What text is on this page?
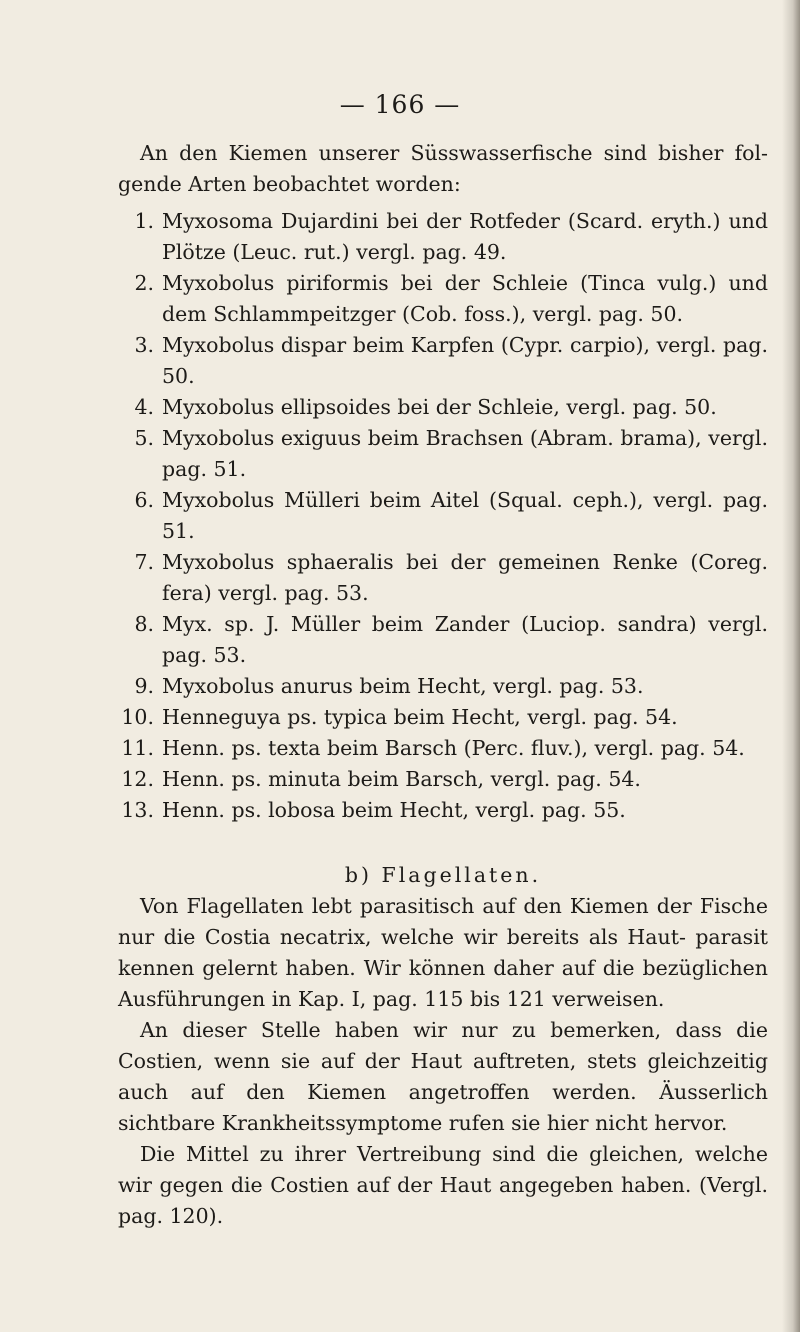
— 166 —

An den Kiemen unserer Süsswasserfische sind bisher fol- gende Arten beobachtet worden:

1. Myxosoma Dujardini bei der Rotfeder (Scard. eryth.) und Plötze (Leuc. rut.) vergl. pag. 49.
2. Myxobolus piriformis bei der Schleie (Tinca vulg.) und dem Schlammpeitzger (Cob. foss.), vergl. pag. 50.
3. Myxobolus dispar beim Karpfen (Cypr. carpio), vergl. pag. 50.
4. Myxobolus ellipsoides bei der Schleie, vergl. pag. 50.
5. Myxobolus exiguus beim Brachsen (Abram. brama), vergl. pag. 51.
6. Myxobolus Mülleri beim Aitel (Squal. ceph.), vergl. pag. 51.
7. Myxobolus sphaeralis bei der gemeinen Renke (Coreg. fera) vergl. pag. 53.
8. Myx. sp. J. Müller beim Zander (Luciop. sandra) vergl. pag. 53.
9. Myxobolus anurus beim Hecht, vergl. pag. 53.
10. Henneguya ps. typica beim Hecht, vergl. pag. 54.
11. Henn. ps. texta beim Barsch (Perc. fluv.), vergl. pag. 54.
12. Henn. ps. minuta beim Barsch, vergl. pag. 54.
13. Henn. ps. lobosa beim Hecht, vergl. pag. 55.

b) Flagellaten.

Von Flagellaten lebt parasitisch auf den Kiemen der Fische nur die Costia necatrix, welche wir bereits als Haut- parasit kennen gelernt haben. Wir können daher auf die bezüglichen Ausführungen in Kap. I, pag. 115 bis 121 verweisen.

An dieser Stelle haben wir nur zu bemerken, dass die Costien, wenn sie auf der Haut auftreten, stets gleichzeitig auch auf den Kiemen angetroffen werden. Äusserlich sichtbare Krankheitssymptome rufen sie hier nicht hervor.

Die Mittel zu ihrer Vertreibung sind die gleichen, welche wir gegen die Costien auf der Haut angegeben haben. (Vergl. pag. 120).
